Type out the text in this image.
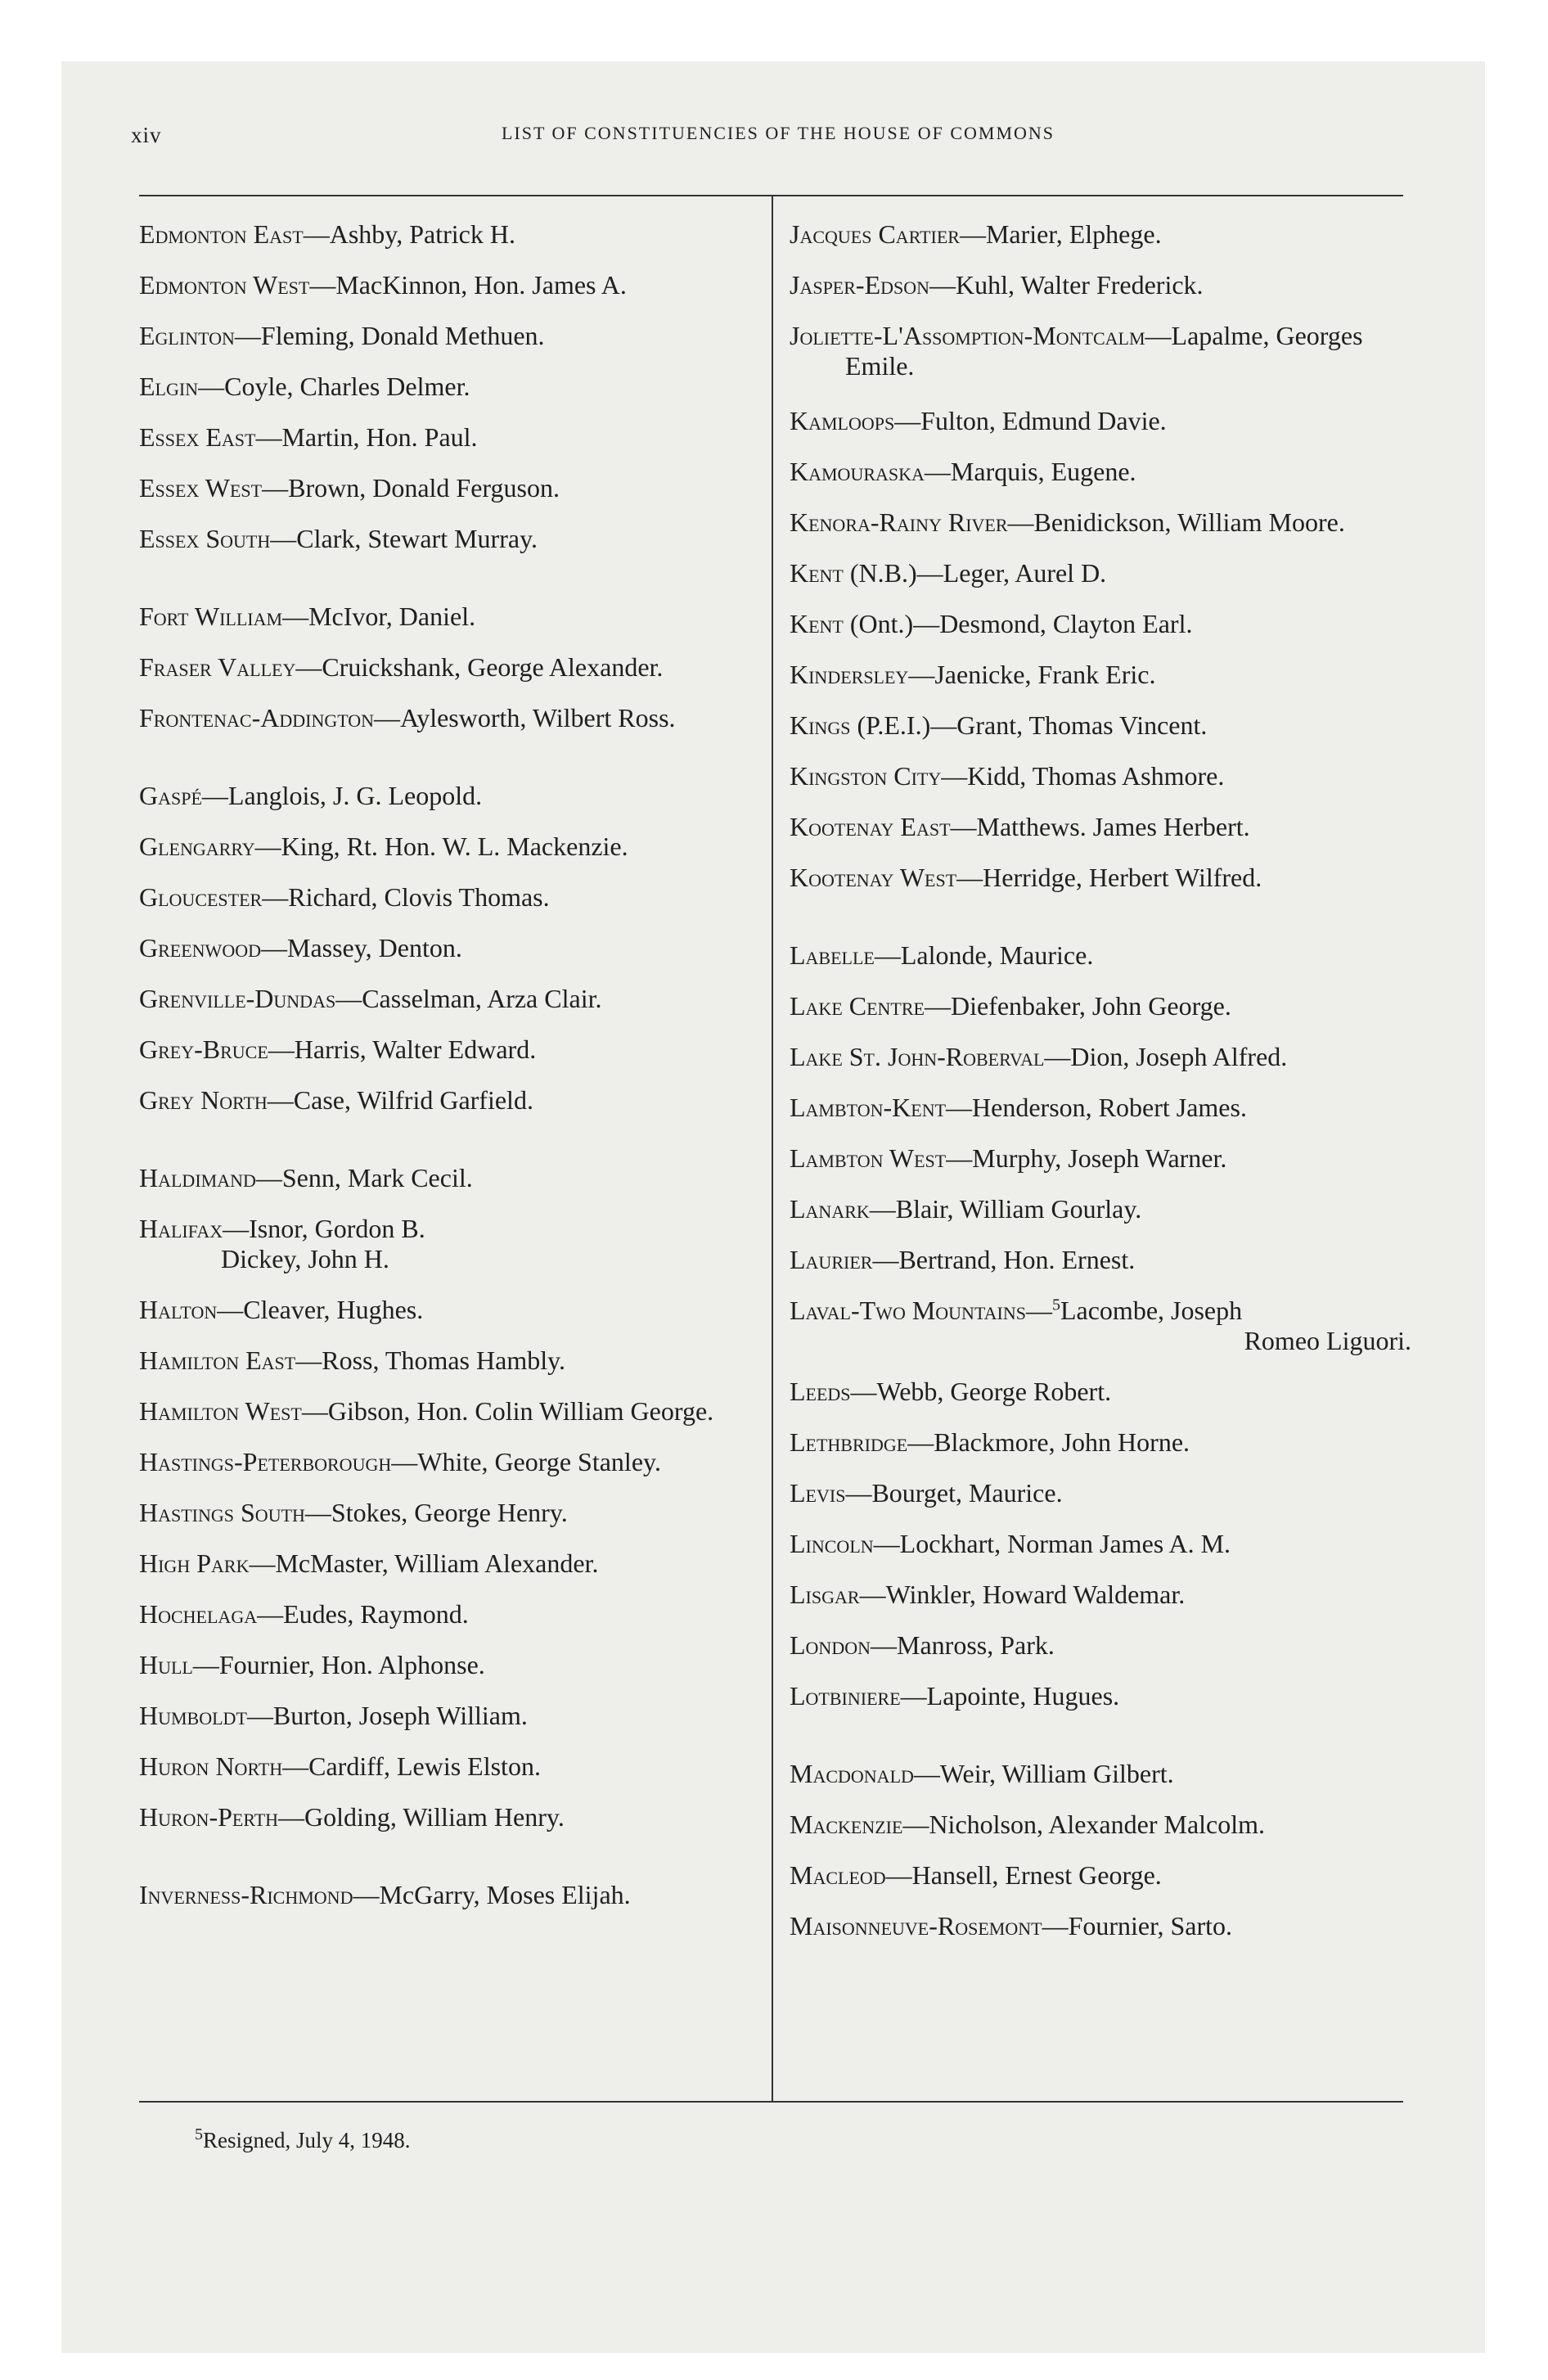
xiv	LIST OF CONSTITUENCIES OF THE HOUSE OF COMMONS
Edmonton East—Ashby, Patrick H.
Edmonton West—MacKinnon, Hon. James A.
Eglinton—Fleming, Donald Methuen.
Elgin—Coyle, Charles Delmer.
Essex East—Martin, Hon. Paul.
Essex West—Brown, Donald Ferguson.
Essex South—Clark, Stewart Murray.
Fort William—McIvor, Daniel.
Fraser Valley—Cruickshank, George Alexander.
Frontenac-Addington—Aylesworth, Wilbert Ross.
Gaspé—Langlois, J. G. Leopold.
Glengarry—King, Rt. Hon. W. L. Mackenzie.
Gloucester—Richard, Clovis Thomas.
Greenwood—Massey, Denton.
Grenville-Dundas—Casselman, Arza Clair.
Grey-Bruce—Harris, Walter Edward.
Grey North—Case, Wilfrid Garfield.
Haldimand—Senn, Mark Cecil.
Halifax—Isnor, Gordon B.
Dickey, John H.
Halton—Cleaver, Hughes.
Hamilton East—Ross, Thomas Hambly.
Hamilton West—Gibson, Hon. Colin William George.
Hastings-Peterborough—White, George Stanley.
Hastings South—Stokes, George Henry.
High Park—McMaster, William Alexander.
Hochelaga—Eudes, Raymond.
Hull—Fournier, Hon. Alphonse.
Humboldt—Burton, Joseph William.
Huron North—Cardiff, Lewis Elston.
Huron-Perth—Golding, William Henry.
Inverness-Richmond—McGarry, Moses Elijah.
Jacques Cartier—Marier, Elphege.
Jasper-Edson—Kuhl, Walter Frederick.
Joliette-L'Assomption-Montcalm—Lapalme, Georges Emile.
Kamloops—Fulton, Edmund Davie.
Kamouraska—Marquis, Eugene.
Kenora-Rainy River—Benidickson, William Moore.
Kent (N.B.)—Leger, Aurel D.
Kent (Ont.)—Desmond, Clayton Earl.
Kindersley—Jaenicke, Frank Eric.
Kings (P.E.I.)—Grant, Thomas Vincent.
Kingston City—Kidd, Thomas Ashmore.
Kootenay East—Matthews. James Herbert.
Kootenay West—Herridge, Herbert Wilfred.
Labelle—Lalonde, Maurice.
Lake Centre—Diefenbaker, John George.
Lake St. John-Roberval—Dion, Joseph Alfred.
Lambton-Kent—Henderson, Robert James.
Lambton West—Murphy, Joseph Warner.
Lanark—Blair, William Gourlay.
Laurier—Bertrand, Hon. Ernest.
Laval-Two Mountains—$^5$Lacombe, Joseph
Romeo Liguori.
Leeds—Webb, George Robert.
Lethbridge—Blackmore, John Horne.
Levis—Bourget, Maurice.
Lincoln—Lockhart, Norman James A. M.
Lisgar—Winkler, Howard Waldemar.
London—Manross, Park.
Lotbiniere—Lapointe, Hugues.
Macdonald—Weir, William Gilbert.
Mackenzie—Nicholson, Alexander Malcolm.
Macleod—Hansell, Ernest George.
Maisonneuve-Rosemont—Fournier, Sarto.
$^5$Resigned, July 4, 1948.
